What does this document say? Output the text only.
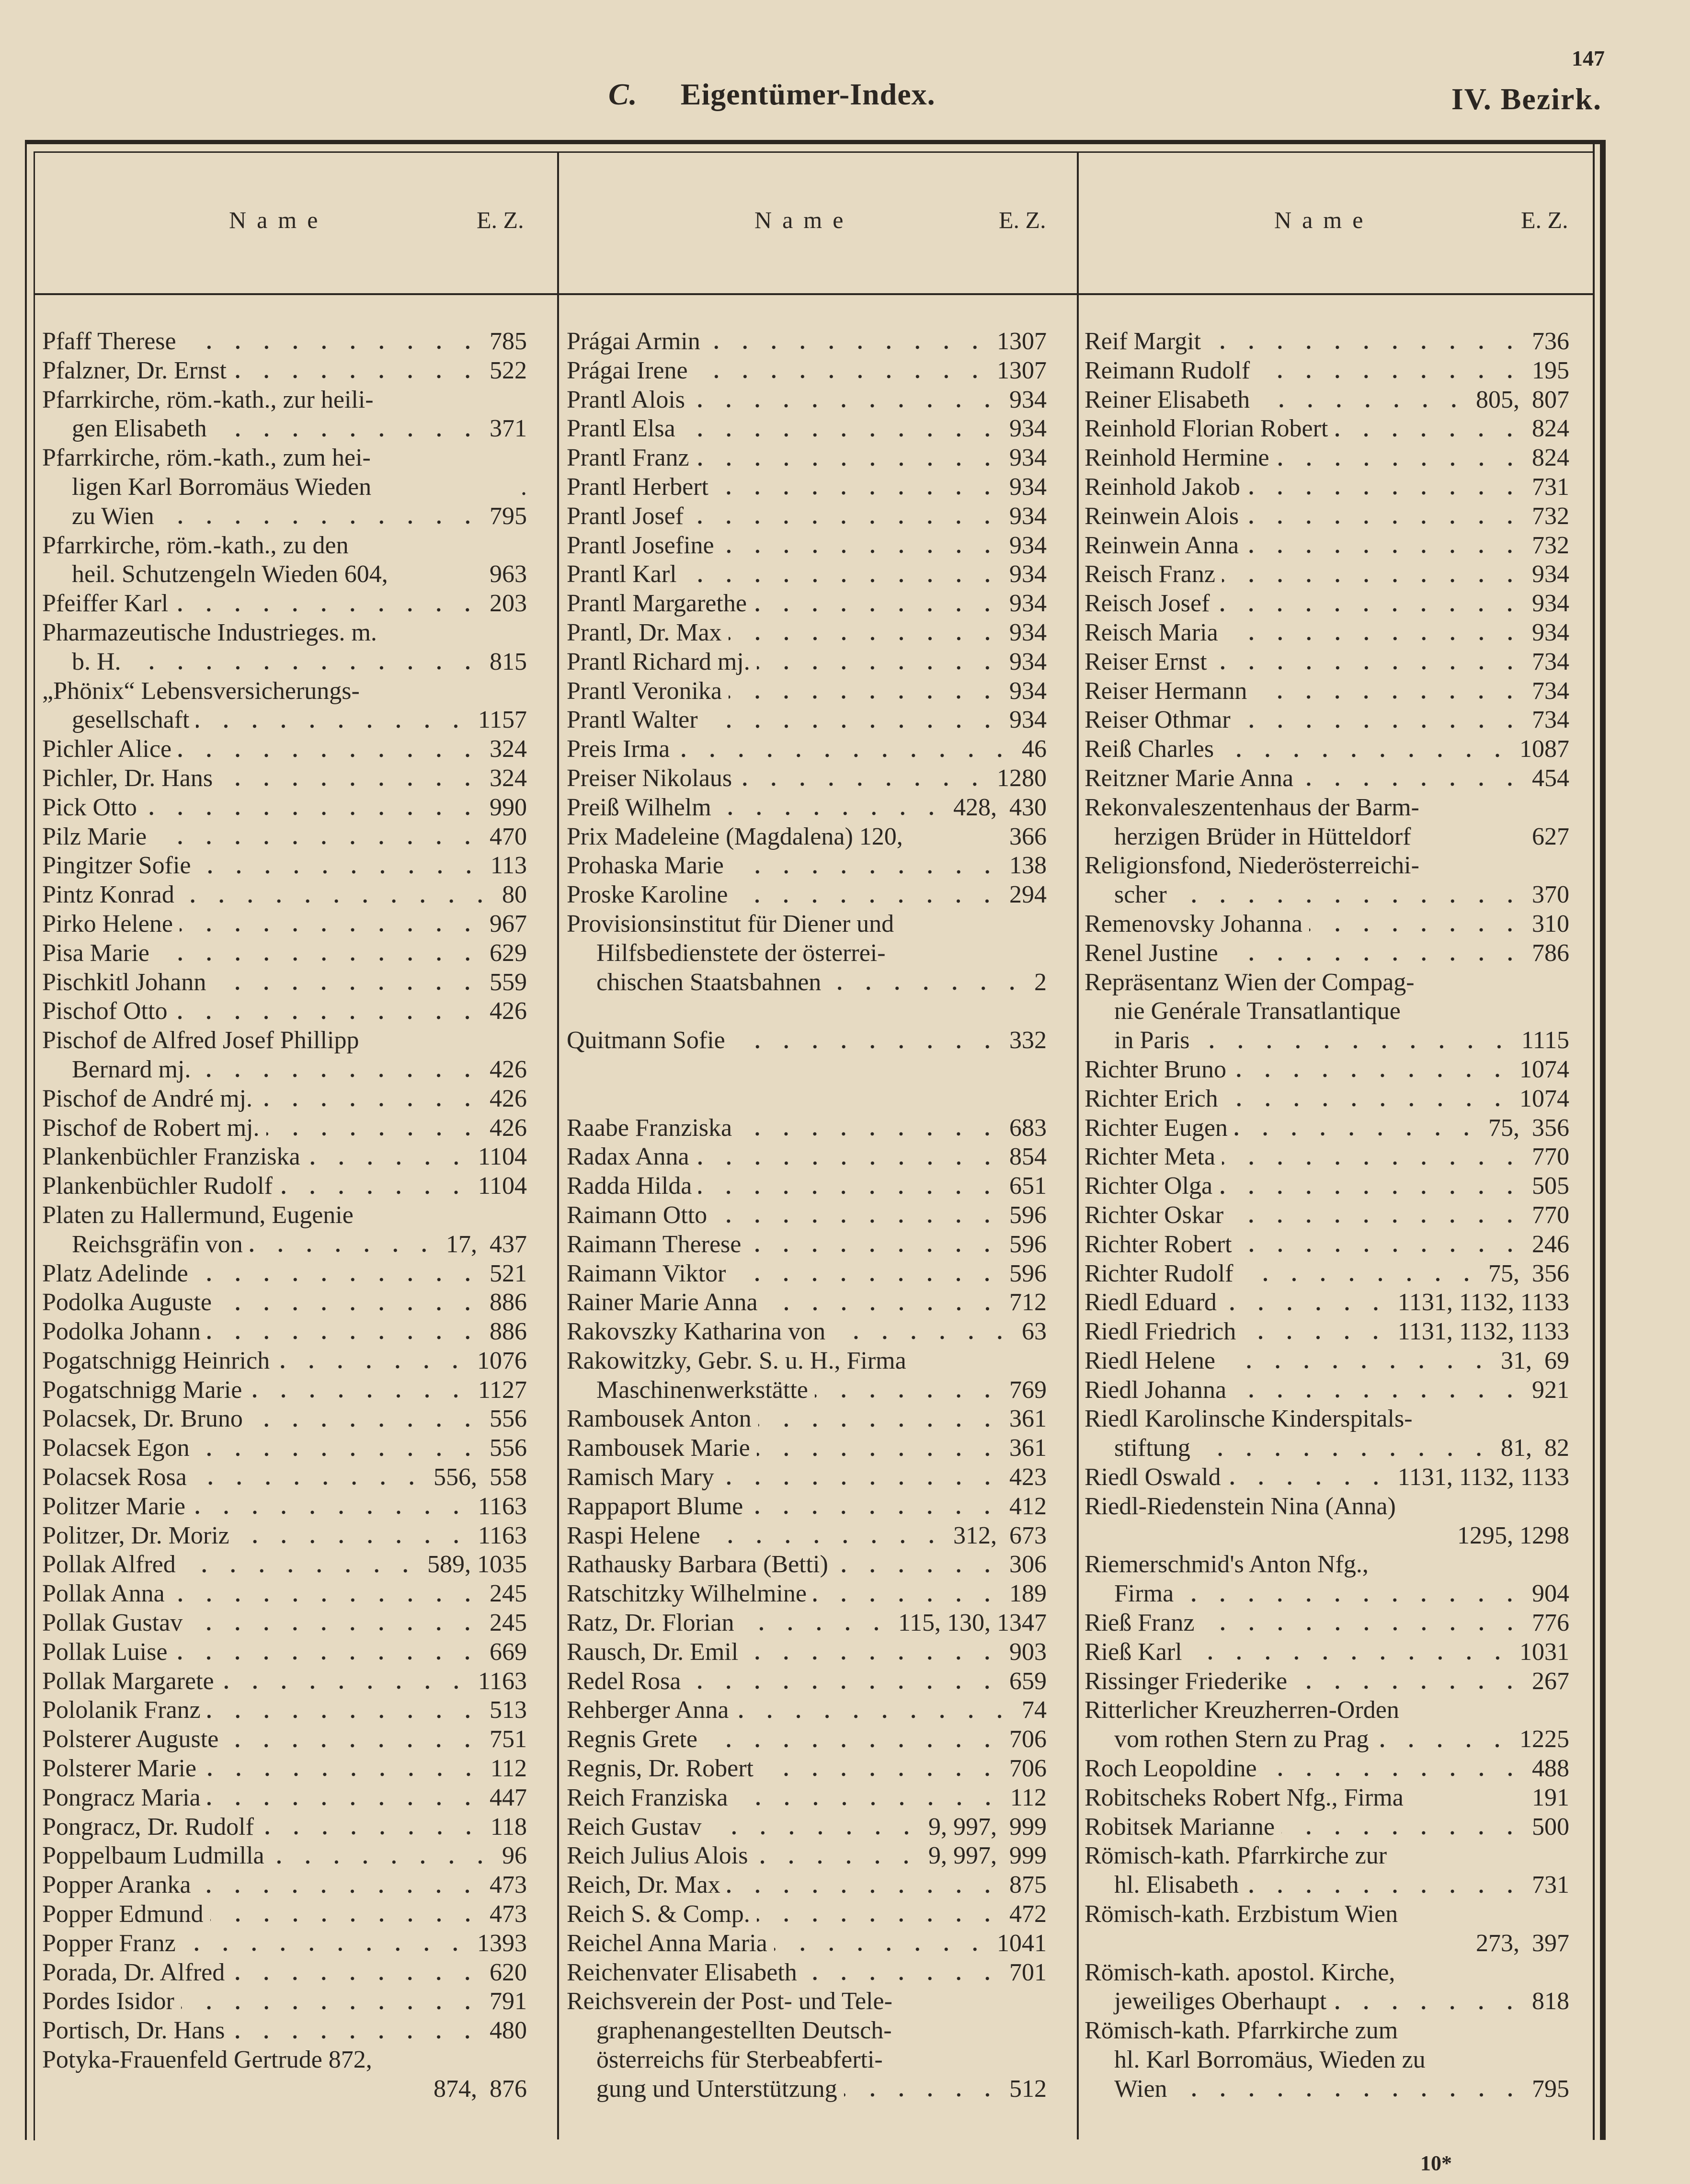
147
C. Eigentümer-Index.	IV. Bezirk.
Name	E. Z.	Name	E. Z.	Name	E. Z.
Pfaff Therese	785
Pfalzner, Dr. Ernst	522
Pfarrkirche, röm.-kath., zur heili-
gen Elisabeth	371
Pfarrkirche, röm.-kath., zum hei-
ligen Karl Borromäus Wieden	.
zu Wien	795
Pfarrkirche, röm.-kath., zu den
heil. Schutzengeln Wieden 604,	963
Pfeiffer Karl	203
Pharmazeutische Industrieges. m.
b. H.	815
„Phönix“ Lebensversicherungs-
gesellschaft	1157
Pichler Alice	324
Pichler, Dr. Hans	324
Pick Otto	990
Pilz Marie	470
Pingitzer Sofie	113
Pintz Konrad	80
Pirko Helene	967
Pisa Marie	629
Pischkitl Johann	559
Pischof Otto	426
Pischof de Alfred Josef Phillipp
Bernard mj.	426
Pischof de André mj.	426
Pischof de Robert mj.	426
Plankenbüchler Franziska	1104
Plankenbüchler Rudolf	1104
Platen zu Hallermund, Eugenie
Reichsgräfin von	17,  437
Platz Adelinde	521
Podolka Auguste	886
Podolka Johann	886
Pogatschnigg Heinrich	1076
Pogatschnigg Marie	1127
Polacsek, Dr. Bruno	556
Polacsek Egon	556
Polacsek Rosa	556,  558
Politzer Marie	1163
Politzer, Dr. Moriz	1163
Pollak Alfred	589, 1035
Pollak Anna	245
Pollak Gustav	245
Pollak Luise	669
Pollak Margarete	1163
Pololanik Franz	513
Polsterer Auguste	751
Polsterer Marie	112
Pongracz Maria	447
Pongracz, Dr. Rudolf	118
Poppelbaum Ludmilla	96
Popper Aranka	473
Popper Edmund	473
Popper Franz	1393
Porada, Dr. Alfred	620
Pordes Isidor	791
Portisch, Dr. Hans	480
Potyka-Frauenfeld Gertrude 872,
874,  876
Prágai Armin	1307
Prágai Irene	1307
Prantl Alois	934
Prantl Elsa	934
Prantl Franz	934
Prantl Herbert	934
Prantl Josef	934
Prantl Josefine	934
Prantl Karl	934
Prantl Margarethe	934
Prantl, Dr. Max	934
Prantl Richard mj.	934
Prantl Veronika	934
Prantl Walter	934
Preis Irma	46
Preiser Nikolaus	1280
Preiß Wilhelm	428,  430
Prix Madeleine (Magdalena) 120,	366
Prohaska Marie	138
Proske Karoline	294
Provisionsinstitut für Diener und
Hilfsbedienstete der österrei-
chischen Staatsbahnen	2
Quitmann Sofie	332
Raabe Franziska	683
Radax Anna	854
Radda Hilda	651
Raimann Otto	596
Raimann Therese	596
Raimann Viktor	596
Rainer Marie Anna	712
Rakovszky Katharina von	63
Rakowitzky, Gebr. S. u. H., Firma
Maschinenwerkstätte	769
Rambousek Anton	361
Rambousek Marie	361
Ramisch Mary	423
Rappaport Blume	412
Raspi Helene	312,  673
Rathausky Barbara (Betti)	306
Ratschitzky Wilhelmine	189
Ratz, Dr. Florian	115, 130, 1347
Rausch, Dr. Emil	903
Redel Rosa	659
Rehberger Anna	74
Regnis Grete	706
Regnis, Dr. Robert	706
Reich Franziska	112
Reich Gustav	9, 997,  999
Reich Julius Alois	9, 997,  999
Reich, Dr. Max	875
Reich S. & Comp.	472
Reichel Anna Maria	1041
Reichenvater Elisabeth	701
Reichsverein der Post- und Tele-
graphenangestellten Deutsch-
österreichs für Sterbeabferti-
gung und Unterstützung	512
Reif Margit	736
Reimann Rudolf	195
Reiner Elisabeth	805,  807
Reinhold Florian Robert	824
Reinhold Hermine	824
Reinhold Jakob	731
Reinwein Alois	732
Reinwein Anna	732
Reisch Franz	934
Reisch Josef	934
Reisch Maria	934
Reiser Ernst	734
Reiser Hermann	734
Reiser Othmar	734
Reiß Charles	1087
Reitzner Marie Anna	454
Rekonvaleszentenhaus der Barm-
herzigen Brüder in Hütteldorf	627
Religionsfond, Niederösterreichi-
scher	370
Remenovsky Johanna	310
Renel Justine	786
Repräsentanz Wien der Compag-
nie Genérale Transatlantique
in Paris	1115
Richter Bruno	1074
Richter Erich	1074
Richter Eugen	75,  356
Richter Meta	770
Richter Olga	505
Richter Oskar	770
Richter Robert	246
Richter Rudolf	75,  356
Riedl Eduard	1131, 1132, 1133
Riedl Friedrich	1131, 1132, 1133
Riedl Helene	31,  69
Riedl Johanna	921
Riedl Karolinsche Kinderspitals-
stiftung	81,  82
Riedl Oswald	1131, 1132, 1133
Riedl-Riedenstein Nina (Anna)
1295, 1298
Riemerschmid's Anton Nfg.,
Firma	904
Rieß Franz	776
Rieß Karl	1031
Rissinger Friederike	267
Ritterlicher Kreuzherren-Orden
vom rothen Stern zu Prag	1225
Roch Leopoldine	488
Robitscheks Robert Nfg., Firma	191
Robitsek Marianne	500
Römisch-kath. Pfarrkirche zur
hl. Elisabeth	731
Römisch-kath. Erzbistum Wien
273,  397
Römisch-kath. apostol. Kirche,
jeweiliges Oberhaupt	818
Römisch-kath. Pfarrkirche zum
hl. Karl Borromäus, Wieden zu
Wien	795
10*
